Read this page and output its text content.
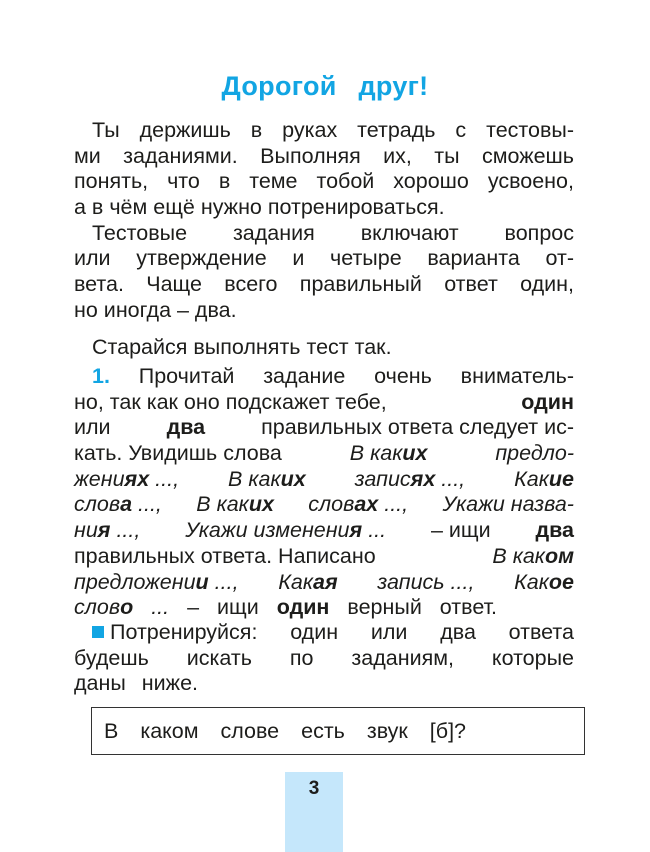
Дорогой друг!
Ты держишь в руках тетрадь с тестовы-
ми заданиями. Выполняя их, ты сможешь
понять, что в теме тобой хорошо усвоено,
а в чём ещё нужно потренироваться.
Тестовые задания включают вопрос
или утверждение и четыре варианта от-
вета. Чаще всего правильный ответ один,
но иногда – два.
Старайся выполнять тест так.
1. Прочитай задание очень вниматель-
но, так как оно подскажет тебе,	один
или	два	правильных ответа следует ис-
кать. Увидишь слова	В каких	предло-
жениях ..., В каких записях ..., Какие
слова ..., В каких словах ..., Укажи назва-
ния ..., Укажи изменения ... – ищи два
правильных ответа. Написано	В каком
предложении ..., Какая запись ..., Какое
слово ... – ищи один верный ответ.
Потренируйся: один или два ответа
будешь искать по заданиям, которые
даны ниже.
В каком слове есть звук [б]?
3
